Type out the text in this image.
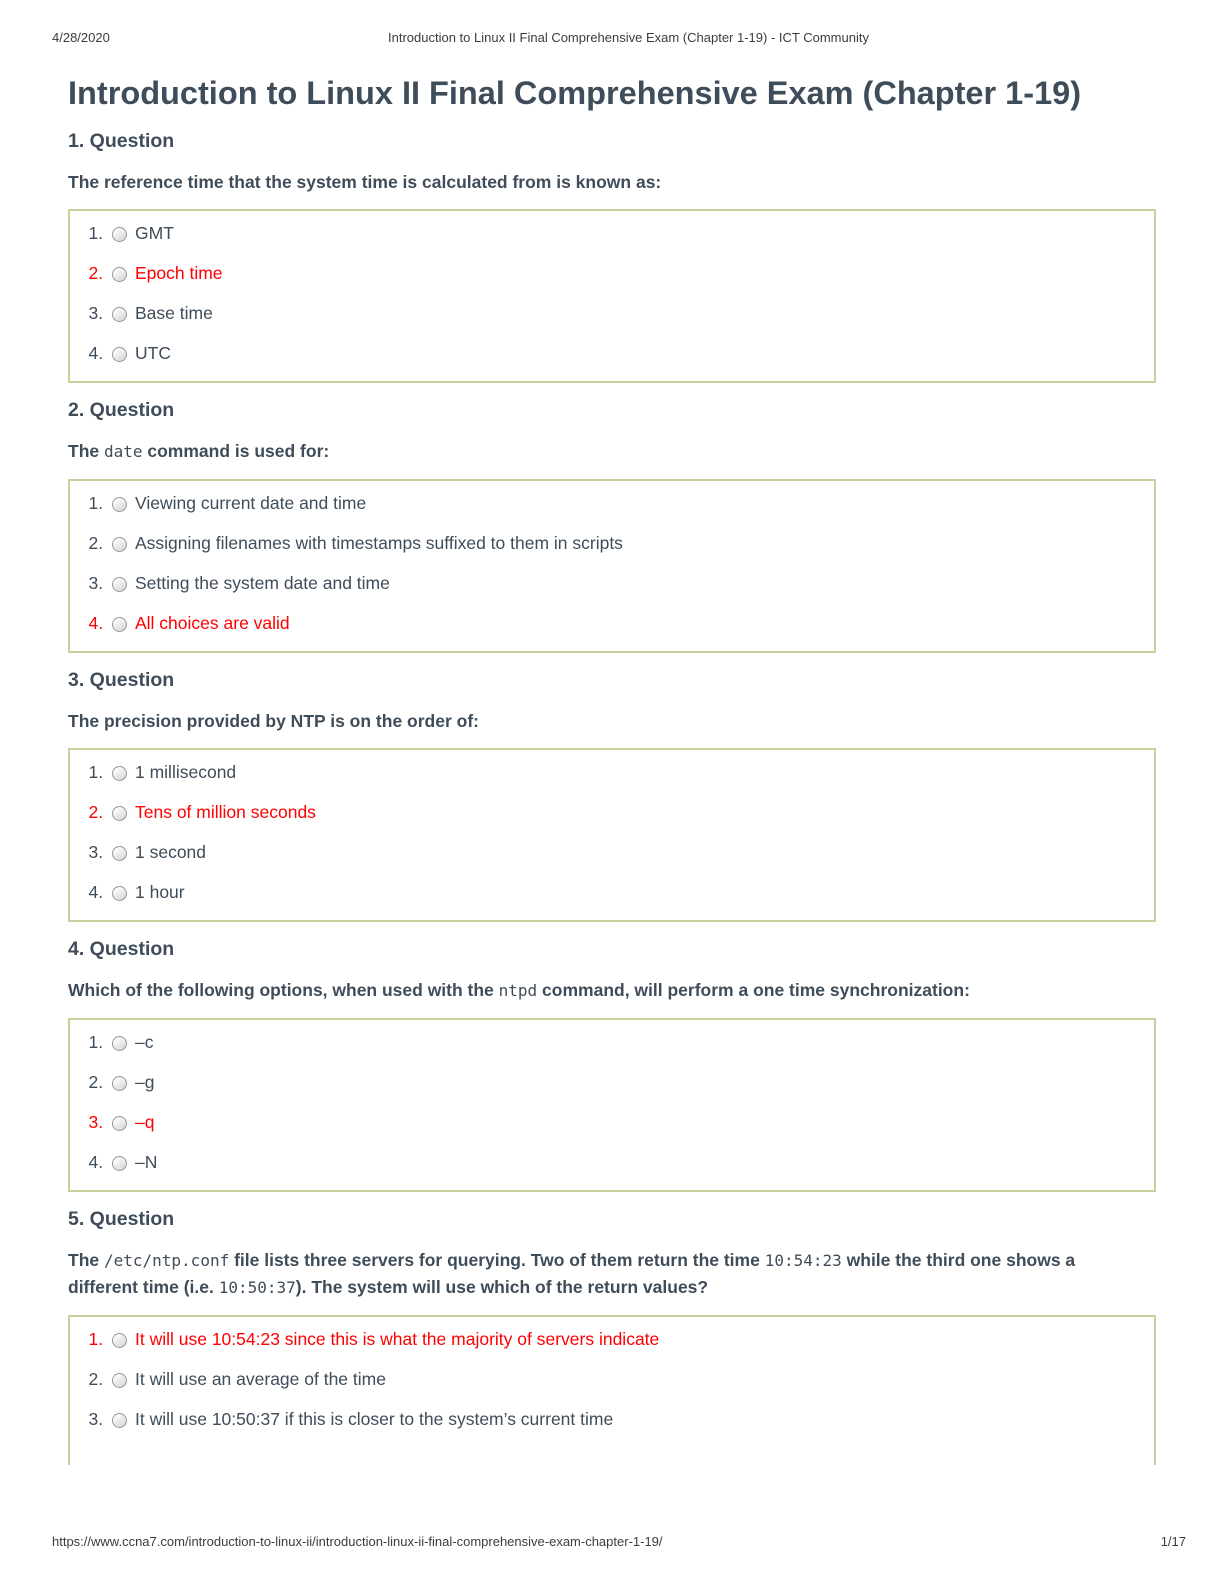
4/28/2020	Introduction to Linux II Final Comprehensive Exam (Chapter 1-19) - ICT Community
Introduction to Linux II Final Comprehensive Exam (Chapter 1-19)
1. Question

The reference time that the system time is calculated from is known as:

1. GMT
2. Epoch time
3. Base time
4. UTC
2. Question

The date command is used for:

1. Viewing current date and time
2. Assigning filenames with timestamps suffixed to them in scripts
3. Setting the system date and time
4. All choices are valid
3. Question

The precision provided by NTP is on the order of:

1. 1 millisecond
2. Tens of million seconds
3. 1 second
4. 1 hour
4. Question

Which of the following options, when used with the ntpd command, will perform a one time synchronization:

1. –c
2. –g
3. –q
4. –N
5. Question

The /etc/ntp.conf file lists three servers for querying. Two of them return the time 10:54:23 while the third one shows a different time (i.e. 10:50:37). The system will use which of the return values?

1. It will use 10:54:23 since this is what the majority of servers indicate
2. It will use an average of the time
3. It will use 10:50:37 if this is closer to the system’s current time
https://www.ccna7.com/introduction-to-linux-ii/introduction-linux-ii-final-comprehensive-exam-chapter-1-19/	1/17
